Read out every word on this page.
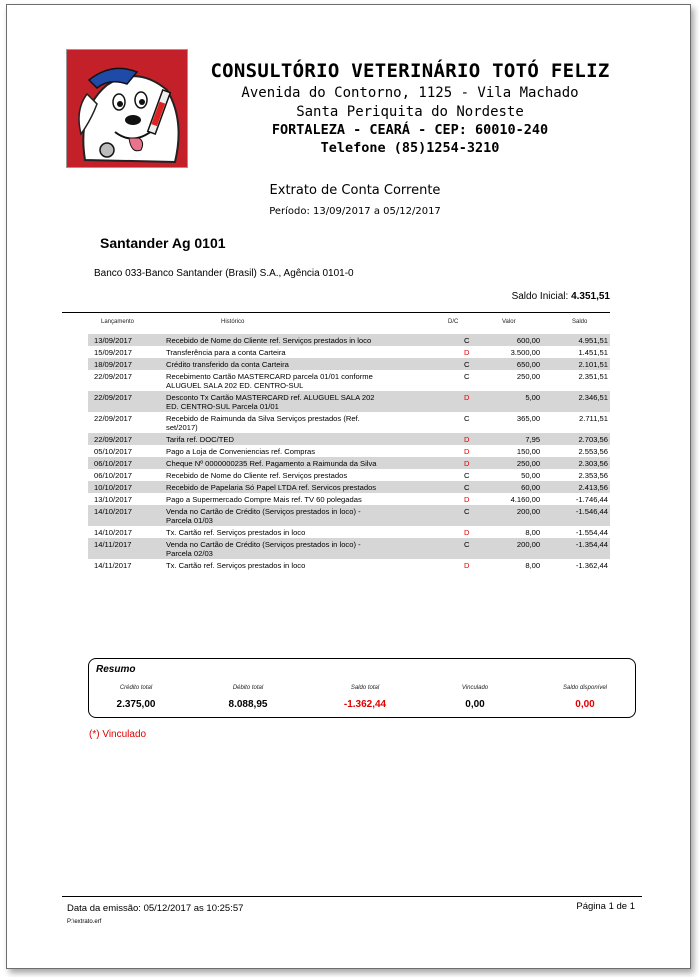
CONSULTÓRIO VETERINÁRIO TOTÓ FELIZ
Avenida do Contorno, 1125 - Vila Machado
Santa Periquita do Nordeste
FORTALEZA - CEARÁ - CEP: 60010-240
Telefone (85)1254-3210
Extrato de Conta Corrente
Período: 13/09/2017 a 05/12/2017
Santander Ag 0101
Banco 033-Banco Santander (Brasil) S.A., Agência 0101-0
Saldo Inicial: 4.351,51
Lançamento	Histórico	D/C	Valor	Saldo
13/09/2017	Recebido de Nome do Cliente ref. Serviços prestados in loco		C	600,00	4.951,51
15/09/2017	Transferência para a conta Carteira		D	3.500,00	1.451,51
18/09/2017	Crédito transferido da conta Carteira		C	650,00	2.101,51
22/09/2017	Recebimento Cartão MASTERCARD parcela 01/01 conforme ALUGUEL SALA 202 ED. CENTRO-SUL		C	250,00	2.351,51
22/09/2017	Desconto Tx Cartão MASTERCARD ref. ALUGUEL SALA 202 ED. CENTRO-SUL Parcela 01/01		D	5,00	2.346,51
22/09/2017	Recebido de Raimunda da Silva Serviços prestados (Ref. set/2017)		C	365,00	2.711,51
22/09/2017	Tarifa ref. DOC/TED		D	7,95	2.703,56
05/10/2017	Pago a Loja de Conveniencias ref. Compras		D	150,00	2.553,56
06/10/2017	Cheque Nº 0000000235 Ref. Pagamento a Raimunda da Silva		D	250,00	2.303,56
06/10/2017	Recebido de Nome do Cliente ref. Serviços prestados		C	50,00	2.353,56
10/10/2017	Recebido de Papelaria Só Papel LTDA ref. Servicos prestados		C	60,00	2.413,56
13/10/2017	Pago a Supermercado Compre Mais ref. TV 60 polegadas		D	4.160,00	-1.746,44
14/10/2017	Venda no Cartão de Crédito (Serviços prestados in loco) - Parcela 01/03		C	200,00	-1.546,44
14/10/2017	Tx. Cartão ref. Serviços prestados in loco		D	8,00	-1.554,44
14/11/2017	Venda no Cartão de Crédito (Serviços prestados in loco) - Parcela 02/03		C	200,00	-1.354,44
14/11/2017	Tx. Cartão ref. Serviços prestados in loco		D	8,00	-1.362,44
Resumo
Crédito total
2.375,00
Débito total
8.088,95
Saldo total
-1.362,44
Vinculado
0,00
Saldo disponível
0,00
(*) Vinculado
Data da emissão: 05/12/2017 as 10:25:57	Página 1 de 1
P:\extrato.erf
